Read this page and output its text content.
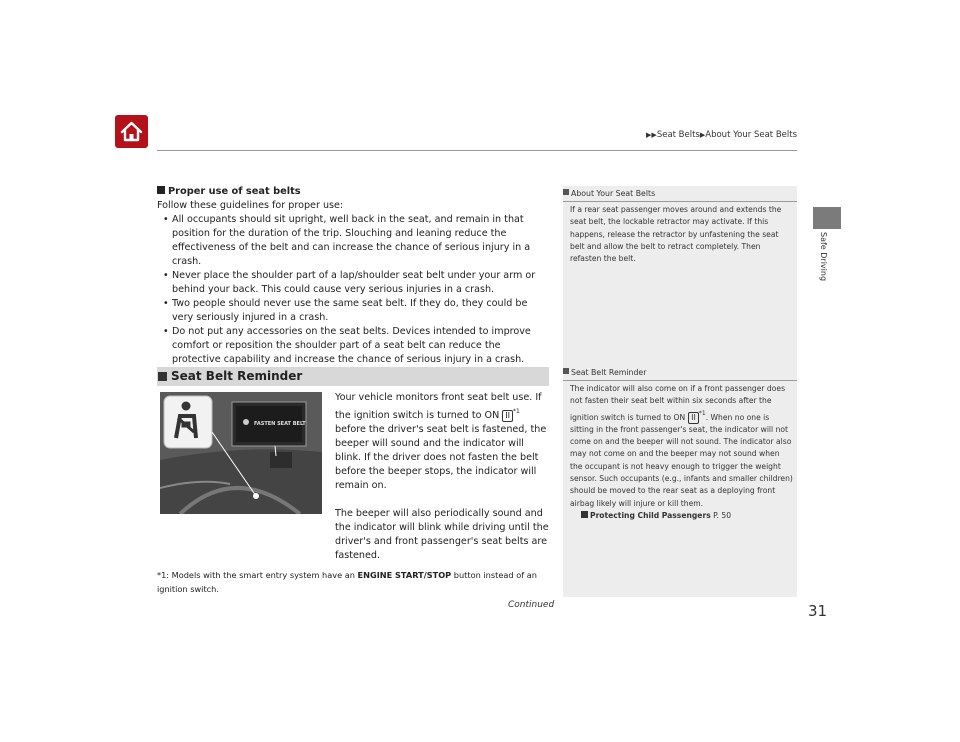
▶▶Seat Belts▶About Your Seat Belts
Safe Driving
Proper use of seat belts
Follow these guidelines for proper use:
• All occupants should sit upright, well back in the seat, and remain in that position for the duration of the trip. Slouching and leaning reduce the effectiveness of the belt and can increase the chance of serious injury in a crash.
• Never place the shoulder part of a lap/shoulder seat belt under your arm or behind your back. This could cause very serious injuries in a crash.
• Two people should never use the same seat belt. If they do, they could be very seriously injured in a crash.
• Do not put any accessories on the seat belts. Devices intended to improve comfort or reposition the shoulder part of a seat belt can reduce the protective capability and increase the chance of serious injury in a crash.
Seat Belt Reminder
FASTEN SEAT BELT
Your vehicle monitors front seat belt use. If the ignition switch is turned to ON II $^{*1}$ before the driver's seat belt is fastened, the beeper will sound and the indicator will blink. If the driver does not fasten the belt before the beeper stops, the indicator will remain on.
The beeper will also periodically sound and the indicator will blink while driving until the driver's and front passenger's seat belts are fastened.
*1: Models with the smart entry system have an ENGINE START/STOP button instead of an ignition switch.
About Your Seat Belts
If a rear seat passenger moves around and extends the seat belt, the lockable retractor may activate. If this happens, release the retractor by unfastening the seat belt and allow the belt to retract completely. Then refasten the belt.
Seat Belt Reminder
The indicator will also come on if a front passenger does not fasten their seat belt within six seconds after the ignition switch is turned to ON II $^{*1}$. When no one is sitting in the front passenger's seat, the indicator will not come on and the beeper will not sound. The indicator also may not come on and the beeper may not sound when the occupant is not heavy enough to trigger the weight sensor. Such occupants (e.g., infants and smaller children) should be moved to the rear seat as a deploying front airbag likely will injure or kill them.
Protecting Child Passengers P. 50
Continued	31
